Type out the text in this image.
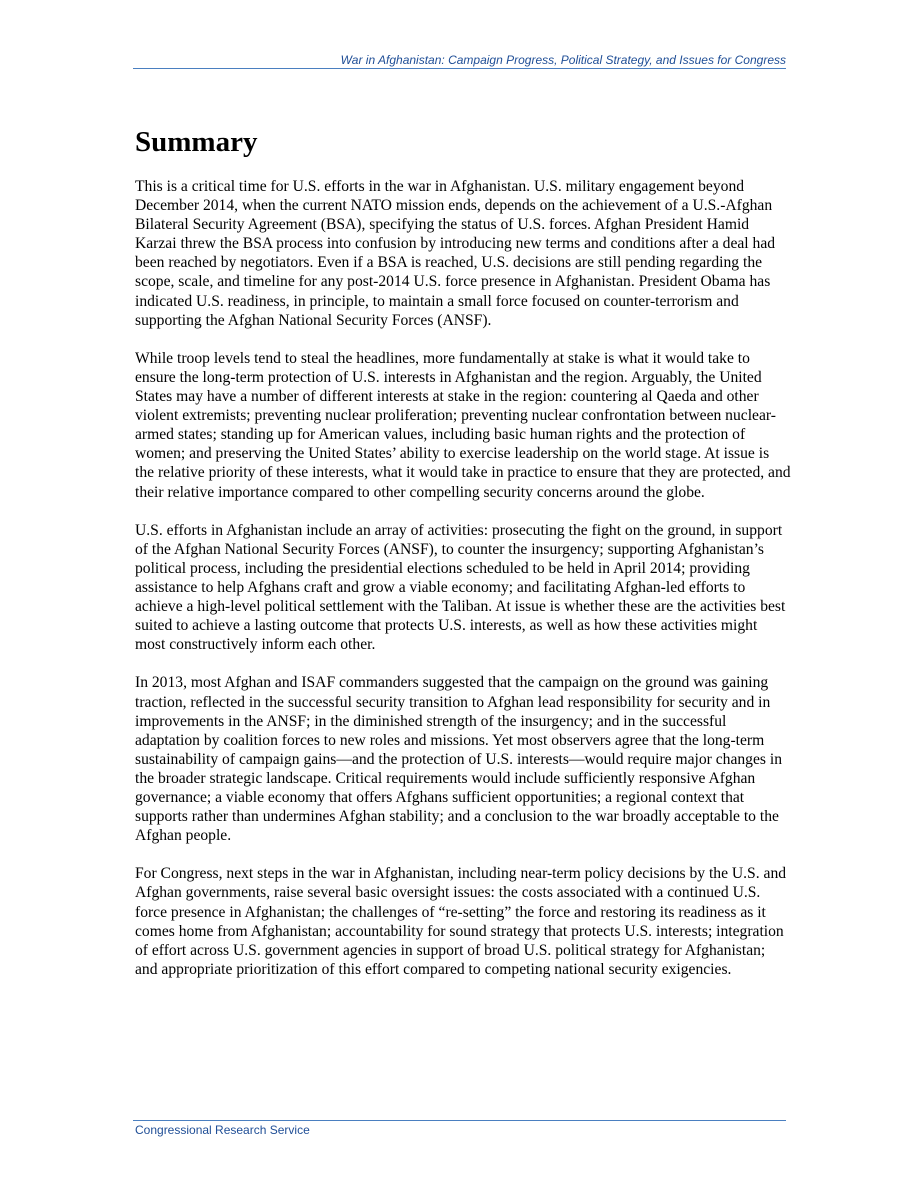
War in Afghanistan: Campaign Progress, Political Strategy, and Issues for Congress
Summary

This is a critical time for U.S. efforts in the war in Afghanistan. U.S. military engagement beyond December 2014, when the current NATO mission ends, depends on the achievement of a U.S.-Afghan Bilateral Security Agreement (BSA), specifying the status of U.S. forces. Afghan President Hamid Karzai threw the BSA process into confusion by introducing new terms and conditions after a deal had been reached by negotiators. Even if a BSA is reached, U.S. decisions are still pending regarding the scope, scale, and timeline for any post-2014 U.S. force presence in Afghanistan. President Obama has indicated U.S. readiness, in principle, to maintain a small force focused on counter-terrorism and supporting the Afghan National Security Forces (ANSF).

While troop levels tend to steal the headlines, more fundamentally at stake is what it would take to ensure the long-term protection of U.S. interests in Afghanistan and the region. Arguably, the United States may have a number of different interests at stake in the region: countering al Qaeda and other violent extremists; preventing nuclear proliferation; preventing nuclear confrontation between nuclear-armed states; standing up for American values, including basic human rights and the protection of women; and preserving the United States’ ability to exercise leadership on the world stage. At issue is the relative priority of these interests, what it would take in practice to ensure that they are protected, and their relative importance compared to other compelling security concerns around the globe.

U.S. efforts in Afghanistan include an array of activities: prosecuting the fight on the ground, in support of the Afghan National Security Forces (ANSF), to counter the insurgency; supporting Afghanistan’s political process, including the presidential elections scheduled to be held in April 2014; providing assistance to help Afghans craft and grow a viable economy; and facilitating Afghan-led efforts to achieve a high-level political settlement with the Taliban. At issue is whether these are the activities best suited to achieve a lasting outcome that protects U.S. interests, as well as how these activities might most constructively inform each other.

In 2013, most Afghan and ISAF commanders suggested that the campaign on the ground was gaining traction, reflected in the successful security transition to Afghan lead responsibility for security and in improvements in the ANSF; in the diminished strength of the insurgency; and in the successful adaptation by coalition forces to new roles and missions. Yet most observers agree that the long-term sustainability of campaign gains—and the protection of U.S. interests—would require major changes in the broader strategic landscape. Critical requirements would include sufficiently responsive Afghan governance; a viable economy that offers Afghans sufficient opportunities; a regional context that supports rather than undermines Afghan stability; and a conclusion to the war broadly acceptable to the Afghan people.

For Congress, next steps in the war in Afghanistan, including near-term policy decisions by the U.S. and Afghan governments, raise several basic oversight issues: the costs associated with a continued U.S. force presence in Afghanistan; the challenges of “re-setting” the force and restoring its readiness as it comes home from Afghanistan; accountability for sound strategy that protects U.S. interests; integration of effort across U.S. government agencies in support of broad U.S. political strategy for Afghanistan; and appropriate prioritization of this effort compared to competing national security exigencies.

Congressional Research Service
